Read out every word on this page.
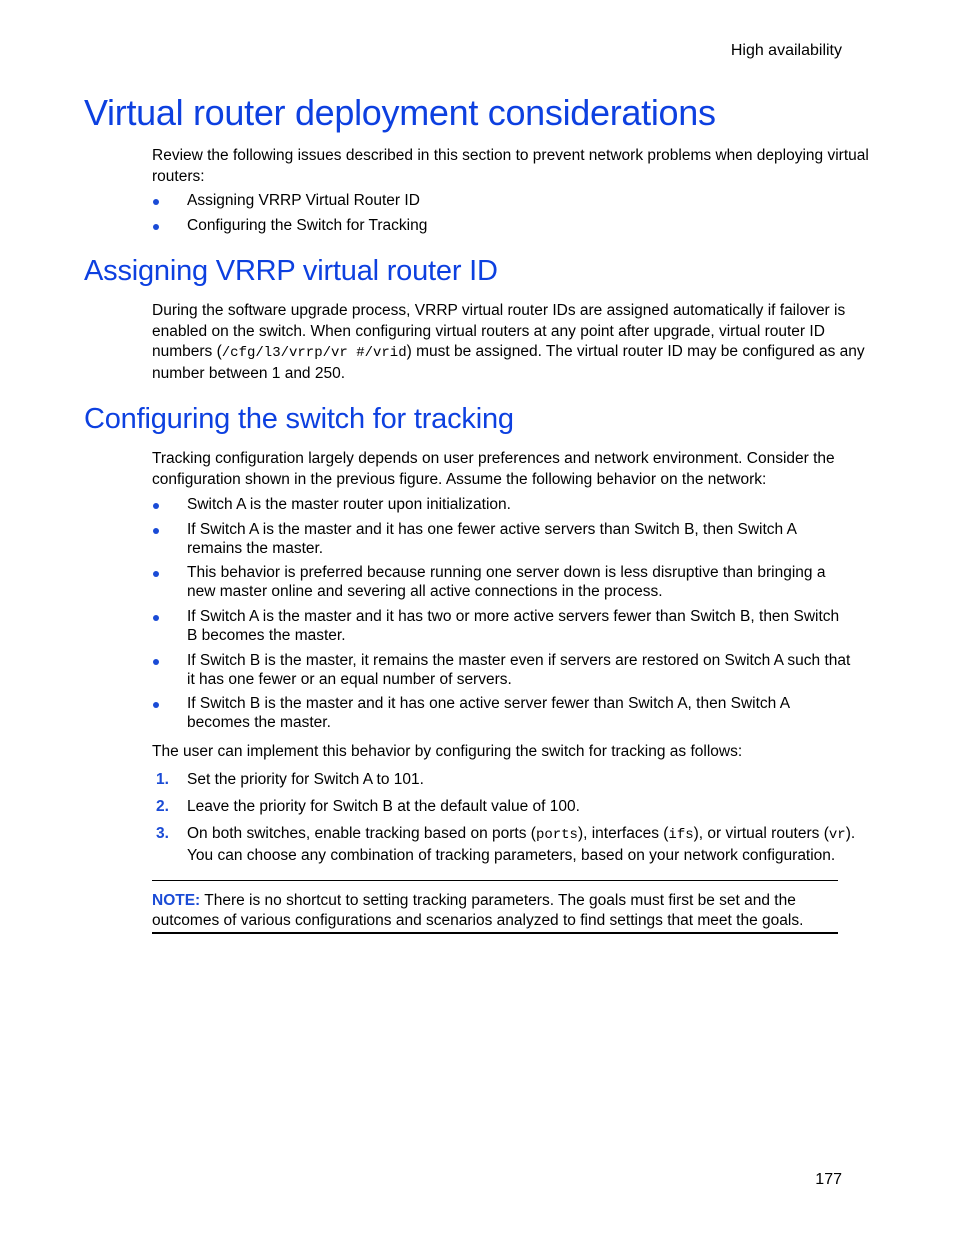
High availability
Virtual router deployment considerations
Review the following issues described in this section to prevent network problems when deploying virtual routers:
Assigning VRRP Virtual Router ID
Configuring the Switch for Tracking
Assigning VRRP virtual router ID
During the software upgrade process, VRRP virtual router IDs are assigned automatically if failover is enabled on the switch. When configuring virtual routers at any point after upgrade, virtual router ID numbers (/cfg/l3/vrrp/vr #/vrid) must be assigned. The virtual router ID may be configured as any number between 1 and 250.
Configuring the switch for tracking
Tracking configuration largely depends on user preferences and network environment. Consider the configuration shown in the previous figure. Assume the following behavior on the network:
Switch A is the master router upon initialization.
If Switch A is the master and it has one fewer active servers than Switch B, then Switch A remains the master.
This behavior is preferred because running one server down is less disruptive than bringing a new master online and severing all active connections in the process.
If Switch A is the master and it has two or more active servers fewer than Switch B, then Switch B becomes the master.
If Switch B is the master, it remains the master even if servers are restored on Switch A such that it has one fewer or an equal number of servers.
If Switch B is the master and it has one active server fewer than Switch A, then Switch A becomes the master.
The user can implement this behavior by configuring the switch for tracking as follows:
1. Set the priority for Switch A to 101.
2. Leave the priority for Switch B at the default value of 100.
3. On both switches, enable tracking based on ports (ports), interfaces (ifs), or virtual routers (vr). You can choose any combination of tracking parameters, based on your network configuration.
NOTE: There is no shortcut to setting tracking parameters. The goals must first be set and the outcomes of various configurations and scenarios analyzed to find settings that meet the goals.
177
